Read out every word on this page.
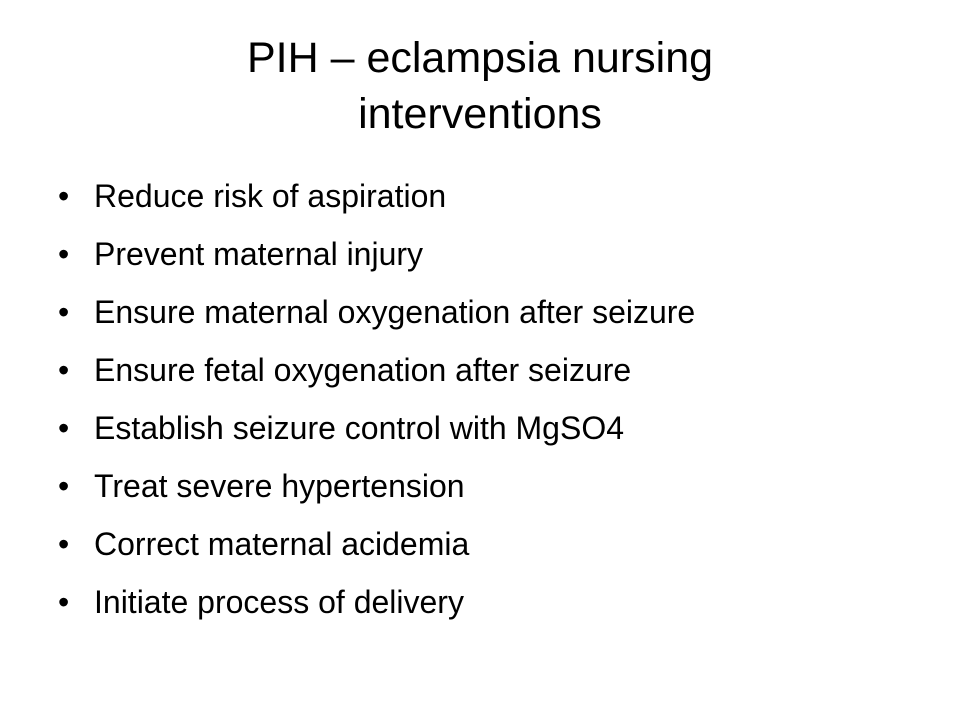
PIH – eclampsia nursing
interventions
• Reduce risk of aspiration
• Prevent maternal injury
• Ensure maternal oxygenation after seizure
• Ensure fetal oxygenation after seizure
• Establish seizure control with MgSO4
• Treat severe hypertension
• Correct maternal acidemia
• Initiate process of delivery
